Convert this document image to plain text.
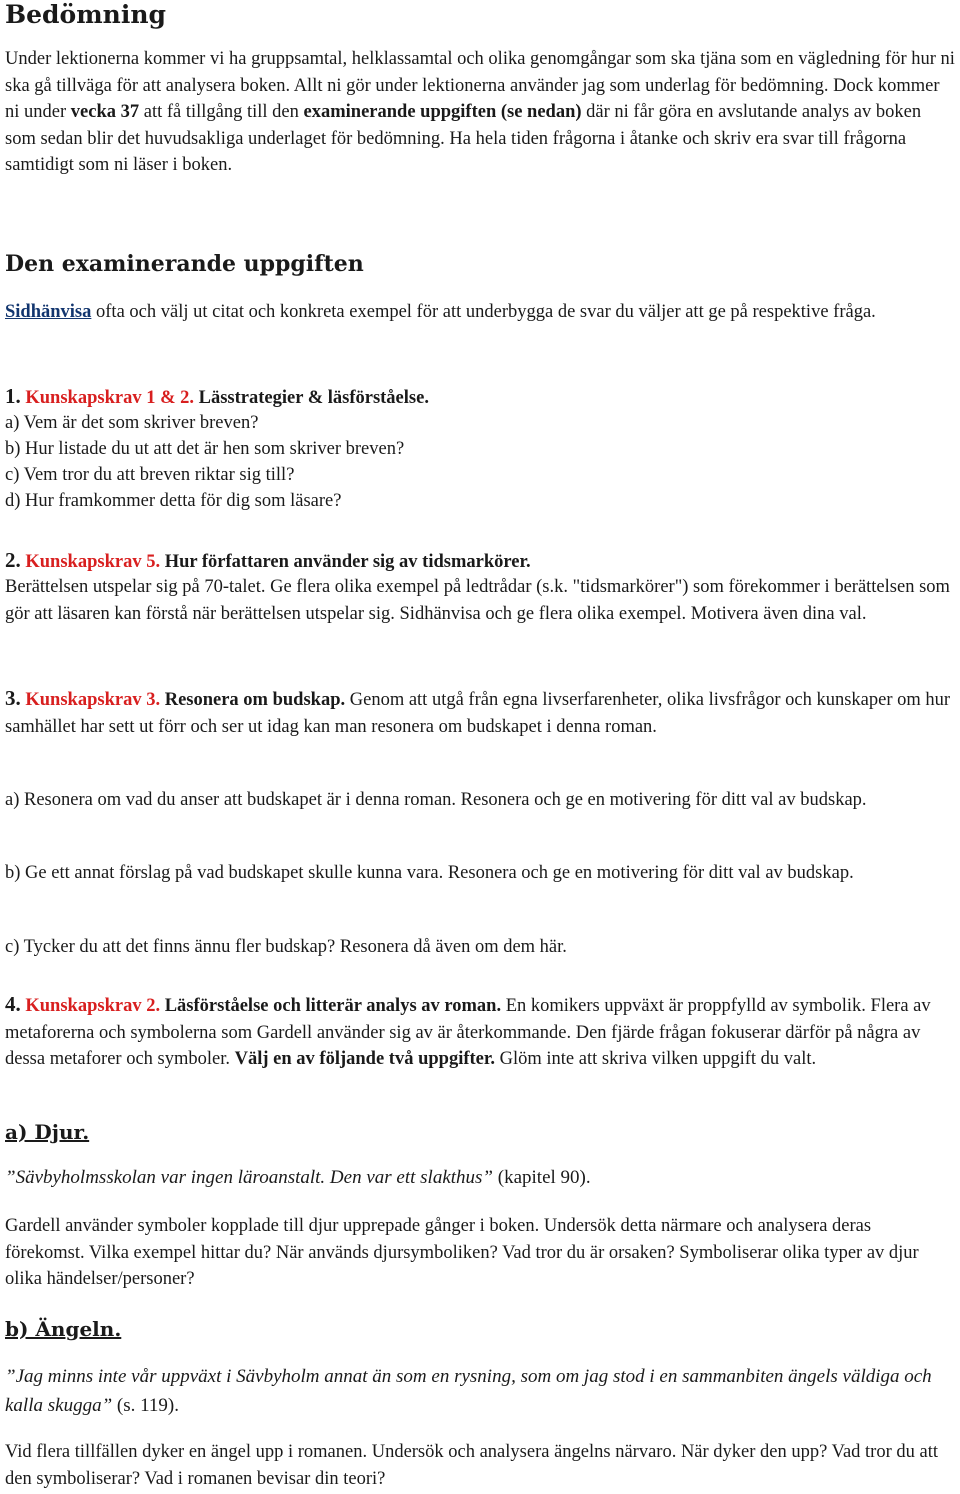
Bedömning
Under lektionerna kommer vi ha gruppsamtal, helklassamtal och olika genomgångar som ska tjäna som en vägledning för hur ni ska gå tillväga för att analysera boken. Allt ni gör under lektionerna använder jag som underlag för bedömning. Dock kommer ni under vecka 37 att få tillgång till den examinerande uppgiften (se nedan) där ni får göra en avslutande analys av boken som sedan blir det huvudsakliga underlaget för bedömning. Ha hela tiden frågorna i åtanke och skriv era svar till frågorna samtidigt som ni läser i boken.
Den examinerande uppgiften
Sidhänvisa ofta och välj ut citat och konkreta exempel för att underbygga de svar du väljer att ge på respektive fråga.
1. Kunskapskrav 1 & 2. Lässtrategier & läsförståelse.
a) Vem är det som skriver breven?
b) Hur listade du ut att det är hen som skriver breven?
c) Vem tror du att breven riktar sig till?
d) Hur framkommer detta för dig som läsare?
2. Kunskapskrav 5. Hur författaren använder sig av tidsmarkörer.
Berättelsen utspelar sig på 70-talet. Ge flera olika exempel på ledtrådar (s.k. "tidsmarkörer") som förekommer i berättelsen som gör att läsaren kan förstå när berättelsen utspelar sig. Sidhänvisa och ge flera olika exempel. Motivera även dina val.
3. Kunskapskrav 3. Resonera om budskap. Genom att utgå från egna livserfarenheter, olika livsfrågor och kunskaper om hur samhället har sett ut förr och ser ut idag kan man resonera om budskapet i denna roman.
a) Resonera om vad du anser att budskapet är i denna roman. Resonera och ge en motivering för ditt val av budskap.
b) Ge ett annat förslag på vad budskapet skulle kunna vara. Resonera och ge en motivering för ditt val av budskap.
c) Tycker du att det finns ännu fler budskap? Resonera då även om dem här.
4. Kunskapskrav 2. Läsförståelse och litterär analys av roman. En komikers uppväxt är proppfylld av symbolik. Flera av metaforerna och symbolerna som Gardell använder sig av är återkommande. Den fjärde frågan fokuserar därför på några av dessa metaforer och symboler. Välj en av följande två uppgifter. Glöm inte att skriva vilken uppgift du valt.
a) Djur.
”Sävbyholmsskolan var ingen läroanstalt. Den var ett slakthus” (kapitel 90).
Gardell använder symboler kopplade till djur upprepade gånger i boken. Undersök detta närmare och analysera deras förekomst. Vilka exempel hittar du? När används djursymboliken? Vad tror du är orsaken? Symboliserar olika typer av djur olika händelser/personer?
b) Ängeln.
”Jag minns inte vår uppväxt i Sävbyholm annat än som en rysning, som om jag stod i en sammanbiten ängels väldiga och kalla skugga” (s. 119).
Vid flera tillfällen dyker en ängel upp i romanen. Undersök och analysera ängelns närvaro. När dyker den upp? Vad tror du att den symboliserar? Vad i romanen bevisar din teori?
